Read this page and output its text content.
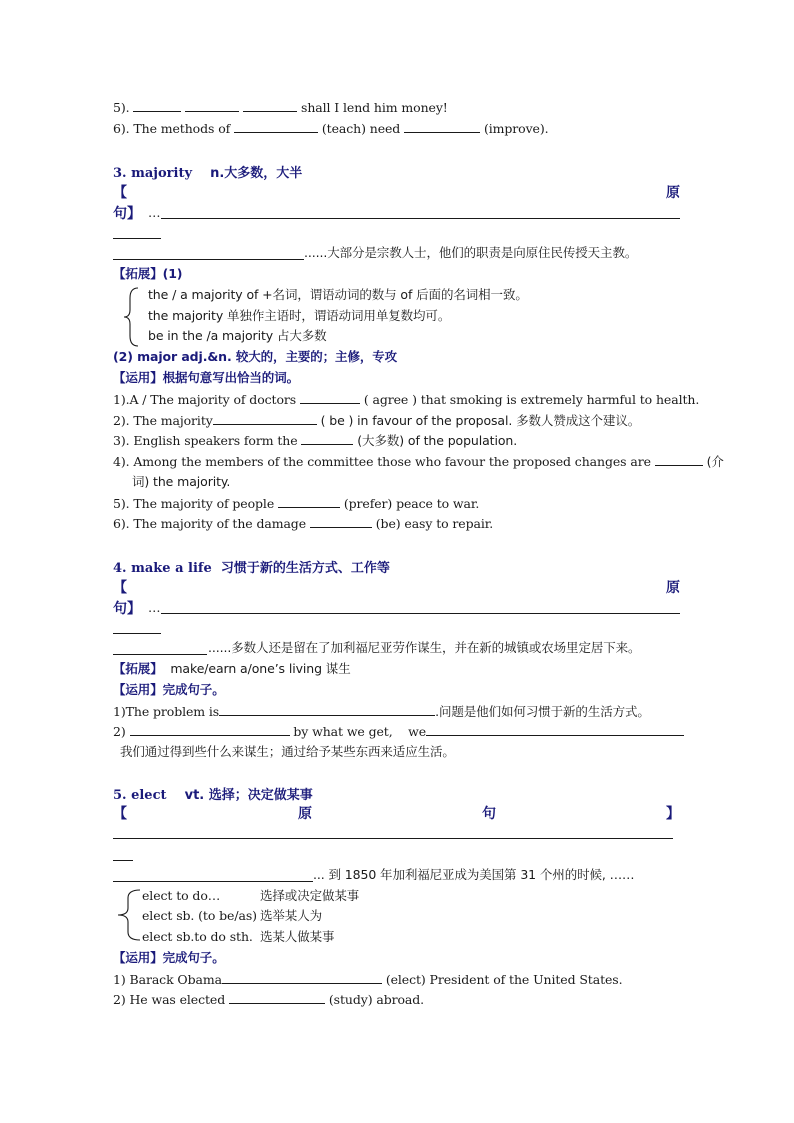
5).	shall I lend him money!
6). The methods of	(teach) need	(improve).
3. majority n.大多数，大半
【	原
句】 …
......大部分是宗教人士，他们的职责是向原住民传授天主教。
【拓展】(1)
the / a majority of +名词，谓语动词的数与 of 后面的名词相一致。
the majority 单独作主语时，谓语动词用单复数均可。
be in the /a majority 占大多数
(2) major adj.&n. 较大的，主要的；主修，专攻
【运用】根据句意写出恰当的词。
1).A / The majority of doctors	( agree ) that smoking is extremely harmful to health.
2). The majority	( be ) in favour of the proposal. 多数人赞成这个建议。
3). English speakers form the	(大多数) of the population.
4). Among the members of the committee those who favour the proposed changes are	(介
词) the majority.
5). The majority of people	(prefer) peace to war.
6). The majority of the damage	(be) easy to repair.
4. make a life 习惯于新的生活方式、工作等
【	原
句】 …
......多数人还是留在了加利福尼亚劳作谋生，并在新的城镇或农场里定居下来。
【拓展】 make/earn a/one’s living 谋生
【运用】完成句子。
1)The problem is	.问题是他们如何习惯于新的生活方式。
2)	by what we get, we
我们通过得到些什么来谋生；通过给予某些东西来适应生活。
5. elect vt. 选择；决定做某事
【	原	句	】
... 到 1850 年加利福尼亚成为美国第 31 个州的时候, ……
elect to do…	选择或决定做某事
elect sb. (to be/as) 选举某人为
elect sb.to do sth. 选某人做某事
【运用】完成句子。
1) Barack Obama	(elect) President of the United States.
2) He was elected	(study) abroad.
